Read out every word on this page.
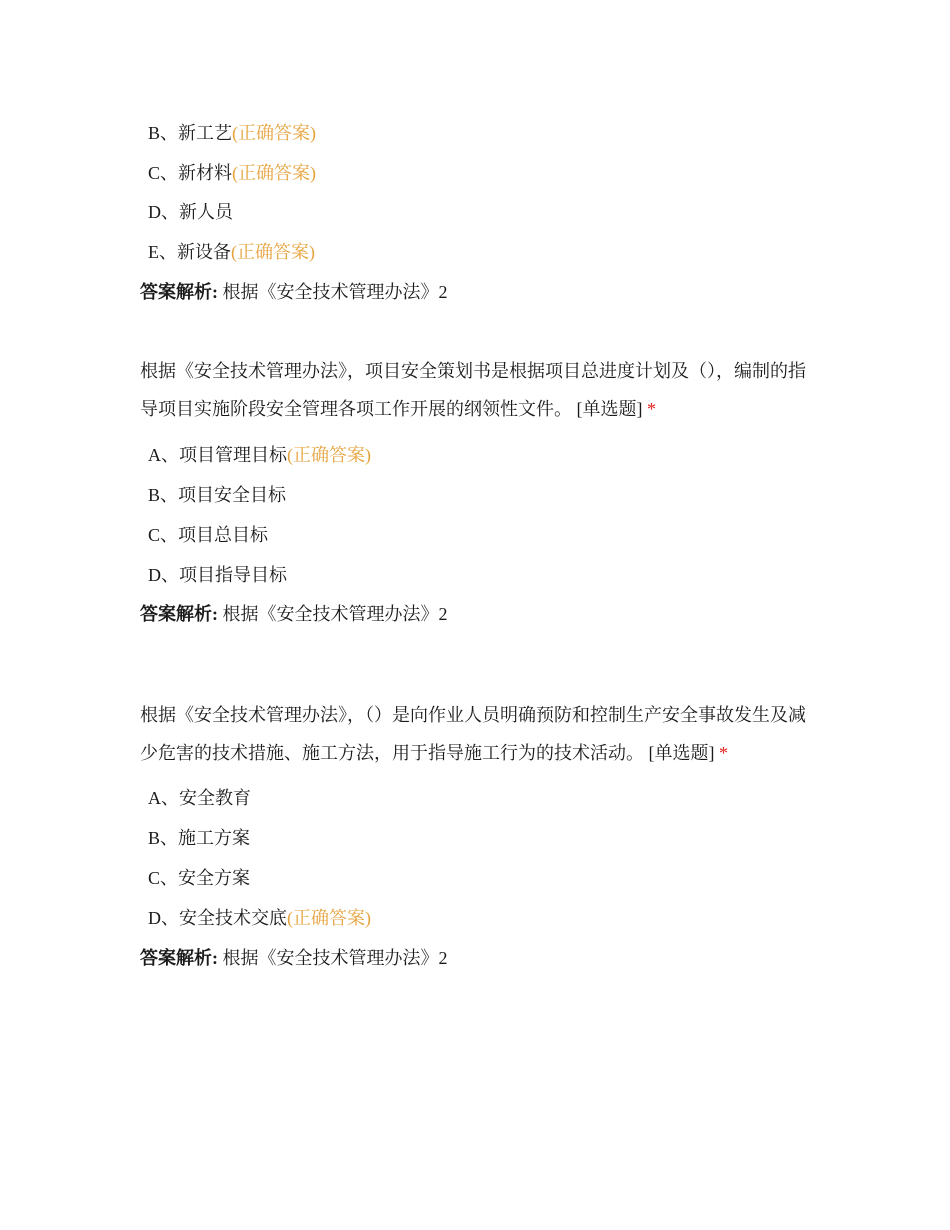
B、新工艺(正确答案)
C、新材料(正确答案)
D、新人员
E、新设备(正确答案)
答案解析: 根据《安全技术管理办法》2
根据《安全技术管理办法》，项目安全策划书是根据项目总进度计划及（），编制的指导项目实施阶段安全管理各项工作开展的纲领性文件。 [单选题] *
A、项目管理目标(正确答案)
B、项目安全目标
C、项目总目标
D、项目指导目标
答案解析: 根据《安全技术管理办法》2
根据《安全技术管理办法》，（）是向作业人员明确预防和控制生产安全事故发生及减少危害的技术措施、施工方法，用于指导施工行为的技术活动。 [单选题] *
A、安全教育
B、施工方案
C、安全方案
D、安全技术交底(正确答案)
答案解析: 根据《安全技术管理办法》2
